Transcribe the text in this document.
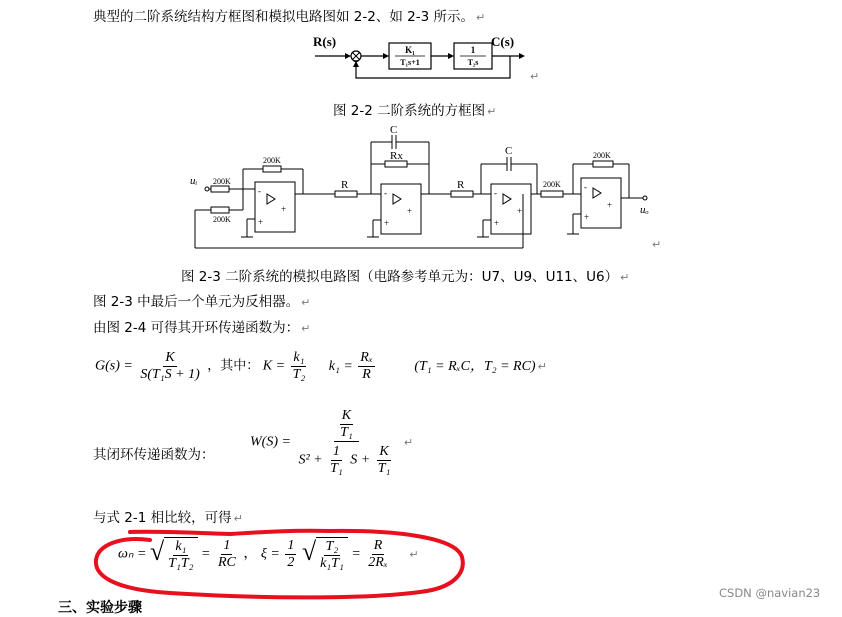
典型的二阶系统结构方框图和模拟电路图如 2-2、如 2-3 所示。 ↵
R(s)
K₁
T₁s+1
1
T₂s
C(s)
↵
图 2-2 二阶系统的方框图 ↵
200K
200K
200K
200K
200K
R	R
Rx
C
C
uᵢ
uₒ
-
+
+
-
+
+
-
+
+
-
+
+
↵
图 2-3 二阶系统的模拟电路图（电路参考单元为：U7、U9、U11、U6） ↵
图 2-3 中最后一个单元为反相器。 ↵
由图 2-4 可得其开环传递函数为： ↵
$G(s) = \frac{K}{\text{S(T₁S + 1)}}$ ，其中： $K = \frac{\text{k₁}}{\text{T₂}} k_1 = \frac{\text{Rₓ}}{R}$	(T₁ = RₓC，T₂ = RC) ↵
其闭环传递函数为：
$W(S) = \frac{\frac{K}{\text{T₁}}}{S^2 + \frac{1}{\text{T₁}} S + \frac{K}{\text{T₁}}}$ ↵
与式 2-1 相比较，可得 ↵
ωₙ = √ $\frac{\text{k₁}}{\text{T₁T₂}} = \frac{1}{RC}$ ， $\xi = \frac{1}{2}$
√ $\frac{\text{T₂}}{\text{k₁T₁}} = \frac{R}{\text{2Rₓ}}$ ↵
三、实验步骤
CSDN @navian23
